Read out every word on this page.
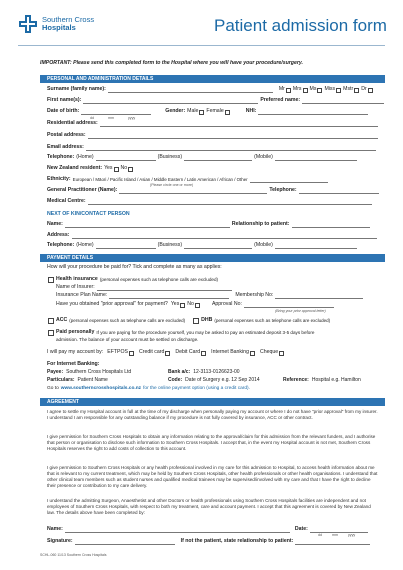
Southern Cross
Hospitals	Patient admission form
IMPORTANT: Please send this completed form to the Hospital where you will have your procedure/surgery.
PERSONAL AND ADMINISTRATION DETAILS
Surname (family name):	Mr Mrs Ms Miss Mstr Dr
First name(s):	Preferred name:
Date of birth:	Gender: Male Female	NHI:
dd	mm	yyyy
Residential address:
Postal address:
Email address:
Telephone: (Home)	(Business)	(Mobile)
New Zealand resident: Yes No
Ethnicity: European / Māori / Pacific Island / Asian / Middle Eastern / Latin American / African / Other
(Please circle one or more)
General Practitioner (Name):	Telephone:
Medical Centre:
NEXT OF KIN/CONTACT PERSON
Name:	Relationship to patient:
Address:
Telephone: (Home)	(Business)	(Mobile)
PAYMENT DETAILS
How will your procedure be paid for? Tick and complete as many as applies:
Health insurance (personal expenses such as telephone calls are excluded)
Name of Insurer:
Insurance Plan Name:	Membership No:
Have you obtained "prior approval" for payment? Yes No	Approval No:
(Bring your prior approval letter)
ACC (personal expenses such as telephone calls are excluded)	DHB (personal expenses such as telephone calls are excluded)
Paid personally If you are paying for the procedure yourself, you may be asked to pay an estimated deposit 3-5 days before
admission. The balance of your account must be settled on discharge.
I will pay my account by: EFTPOS Credit card Debit Card Internet Banking Cheque
For Internet Banking:
Payee: Southern Cross Hospitals Ltd	Bank a/c: 12-3113-0126623-00
Particulars: Patient Name	Code: Date of Surgery e.g. 12 Sep 2014	Reference: Hospital e.g. Hamilton
Go to www.southerncrosshospitals.co.nz for the online payment option (using a credit card).
AGREEMENT
I agree to settle my Hospital account in full at the time of my discharge when personally paying my account or where I do not have "prior approval" from my insurer. I understand I am responsible for any outstanding balance if my procedure is not fully covered by insurance, ACC or other contract.
I give permission for Southern Cross Hospitals to obtain any information relating to the approval/claim for this admission from the relevant funders, and I authorise that person or organisation to disclose such information to Southern Cross Hospitals. I accept that, in the event my Hospital account is not met, Southern Cross Hospitals reserves the right to add costs of collection to this account.
I give permission to Southern Cross Hospitals or any health professional involved in my care for this admission to Hospital, to access health information about me that is relevant to my current treatment, which may be held by Southern Cross Hospitals, other health professionals or other health organisations. I understand that other clinical team members such as student nurses and qualified medical trainees may be supervised/involved with my care and that I have the right to decline their presence or contribution to my care delivery.
I understand the admitting Surgeon, Anaesthetist and other Doctors or health professionals using Southern Cross Hospitals facilities are independent and not employees of Southern Cross Hospitals, with respect to both my treatment, care and account payment. I accept that this agreement is covered by New Zealand law. The details above have been completed by:
Name:	Date:
dd	mm	yyyy
Signature:	If not the patient, state relationship to patient:
SCHL-060 11/13 Southern Cross Hospitals
